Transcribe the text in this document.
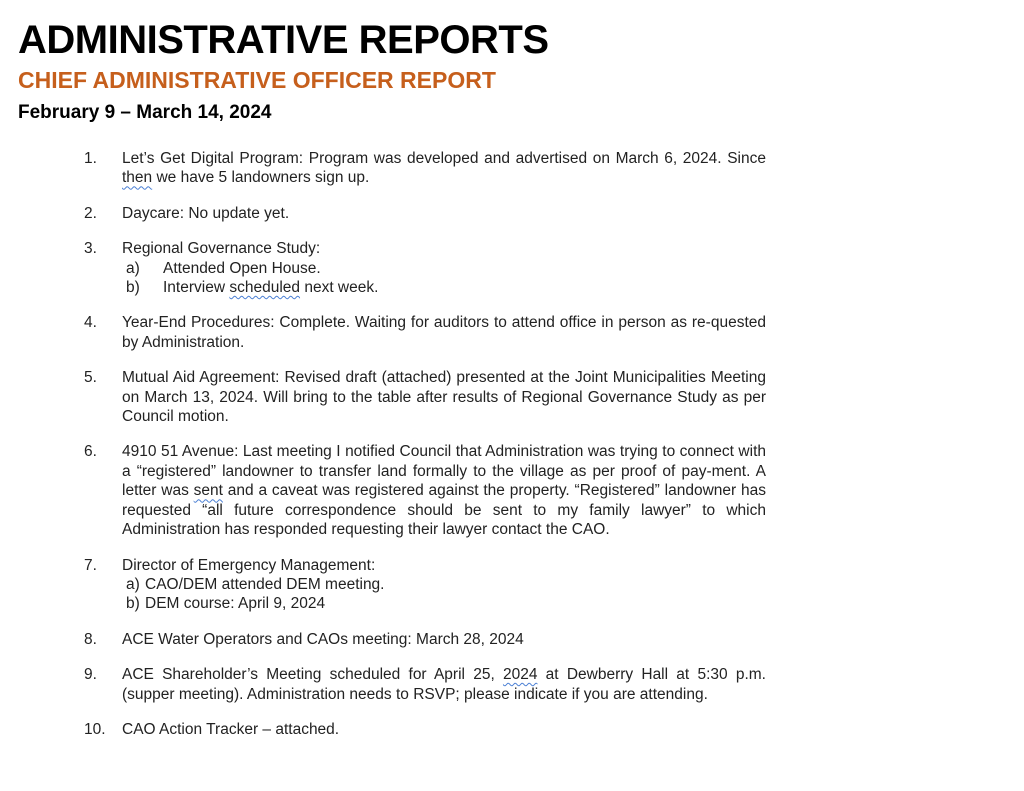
ADMINISTRATIVE REPORTS
CHIEF ADMINISTRATIVE OFFICER REPORT
February 9 – March 14, 2024
1. Let’s Get Digital Program: Program was developed and advertised on March 6, 2024. Since then we have 5 landowners sign up.
2. Daycare: No update yet.
3. Regional Governance Study:
a) Attended Open House.
b) Interview scheduled next week.
4. Year-End Procedures: Complete. Waiting for auditors to attend office in person as re-quested by Administration.
5. Mutual Aid Agreement: Revised draft (attached) presented at the Joint Municipalities Meeting on March 13, 2024. Will bring to the table after results of Regional Governance Study as per Council motion.
6. 4910 51 Avenue: Last meeting I notified Council that Administration was trying to connect with a “registered” landowner to transfer land formally to the village as per proof of pay-ment. A letter was sent and a caveat was registered against the property. “Registered” landowner has requested “all future correspondence should be sent to my family lawyer” to which Administration has responded requesting their lawyer contact the CAO.
7. Director of Emergency Management:
a) CAO/DEM attended DEM meeting.
b) DEM course: April 9, 2024
8. ACE Water Operators and CAOs meeting: March 28, 2024
9. ACE Shareholder’s Meeting scheduled for April 25, 2024 at Dewberry Hall at 5:30 p.m. (supper meeting). Administration needs to RSVP; please indicate if you are attending.
10. CAO Action Tracker – attached.
